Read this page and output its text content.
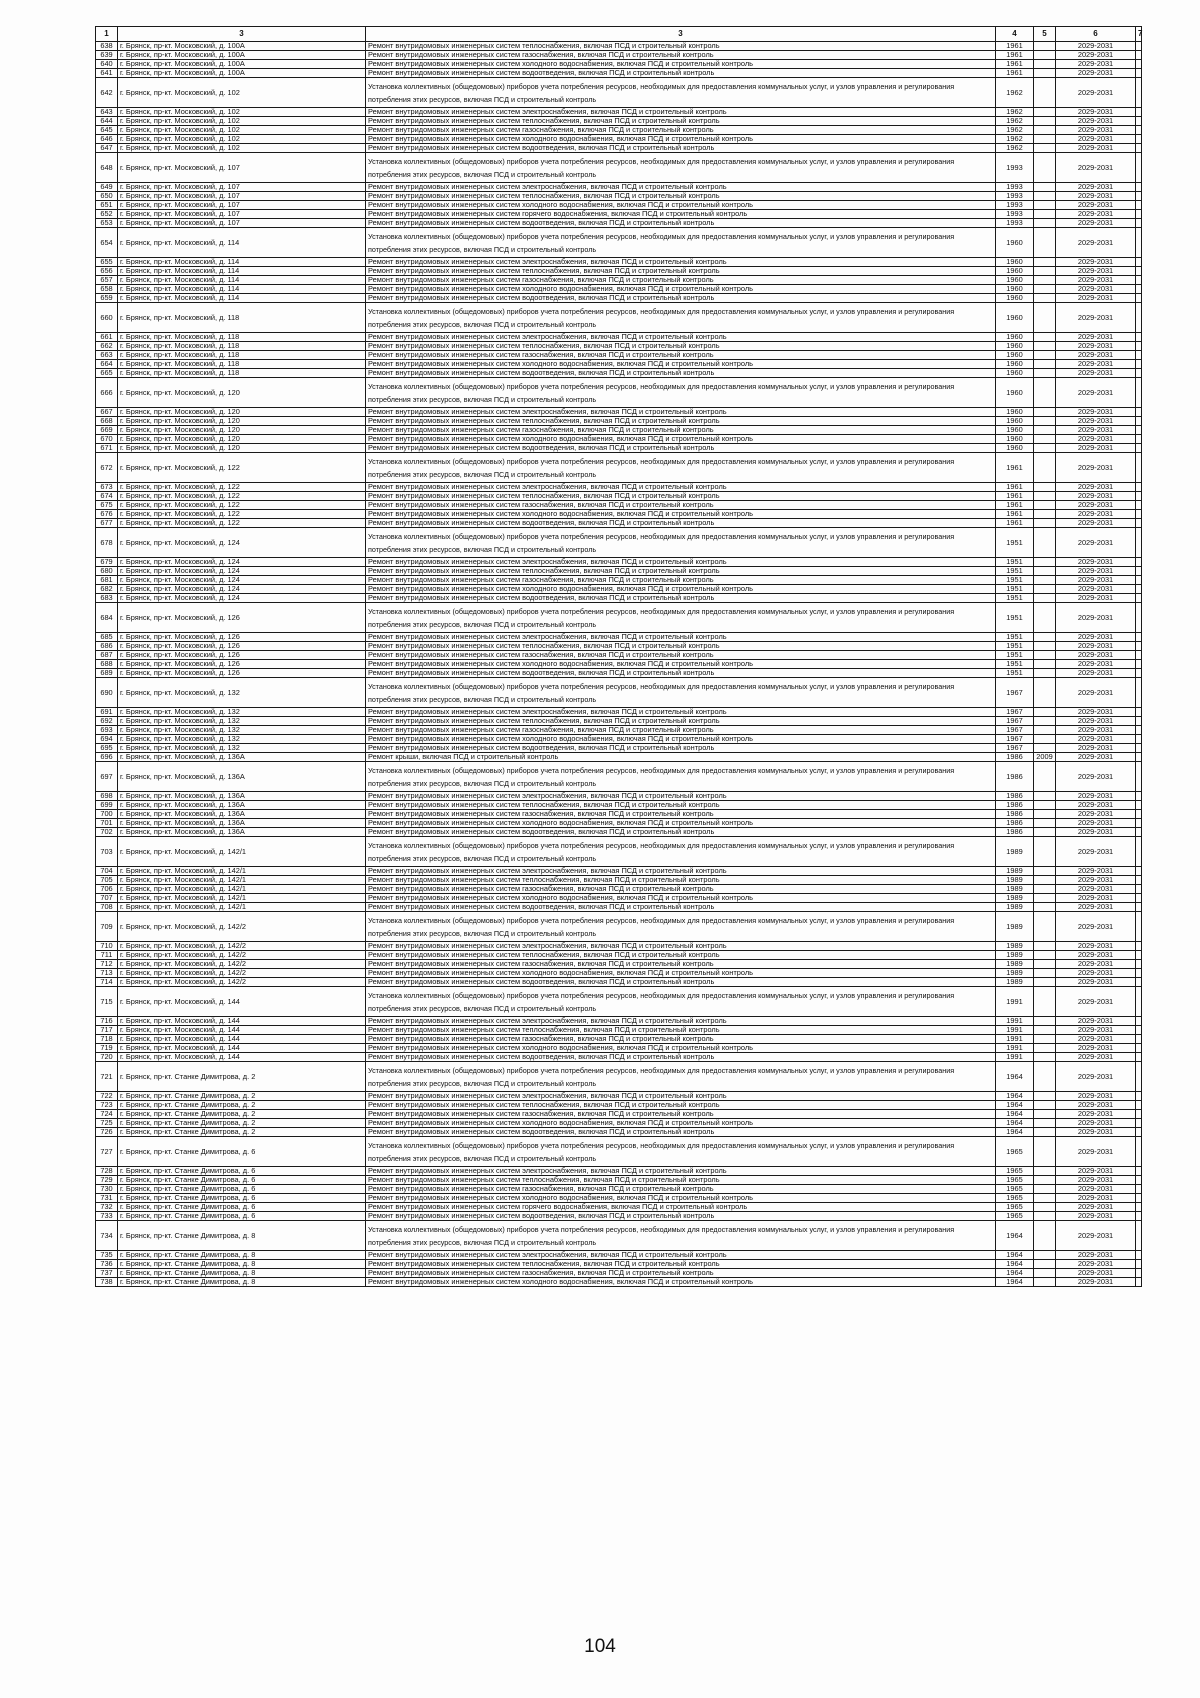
1	3	3	4	5	6	7
638	г. Брянск, пр-кт. Московский, д. 100А	Ремонт внутридомовых инженерных систем теплоснабжения, включая ПСД и строительный контроль	1961		2029-2031	
639	г. Брянск, пр-кт. Московский, д. 100А	Ремонт внутридомовых инженерных систем газоснабжения, включая ПСД и строительный контроль	1961		2029-2031	
640	г. Брянск, пр-кт. Московский, д. 100А	Ремонт внутридомовых инженерных систем холодного водоснабжения, включая ПСД и строительный контроль	1961		2029-2031	
641	г. Брянск, пр-кт. Московский, д. 100А	Ремонт внутридомовых инженерных систем водоотведения, включая ПСД и строительный контроль	1961		2029-2031	
642	г. Брянск, пр-кт. Московский, д. 102	Установка коллективных (общедомовых) приборов учета потребления ресурсов, необходимых для предоставления коммунальных услуг, и узлов управления и регулирования потребления этих ресурсов, включая ПСД и строительный контроль	1962		2029-2031	
643	г. Брянск, пр-кт. Московский, д. 102	Ремонт внутридомовых инженерных систем электроснабжения, включая ПСД и строительный контроль	1962		2029-2031	
644	г. Брянск, пр-кт. Московский, д. 102	Ремонт внутридомовых инженерных систем теплоснабжения, включая ПСД и строительный контроль	1962		2029-2031	
645	г. Брянск, пр-кт. Московский, д. 102	Ремонт внутридомовых инженерных систем газоснабжения, включая ПСД и строительный контроль	1962		2029-2031	
646	г. Брянск, пр-кт. Московский, д. 102	Ремонт внутридомовых инженерных систем холодного водоснабжения, включая ПСД и строительный контроль	1962		2029-2031	
647	г. Брянск, пр-кт. Московский, д. 102	Ремонт внутридомовых инженерных систем водоотведения, включая ПСД и строительный контроль	1962		2029-2031	
648	г. Брянск, пр-кт. Московский, д. 107	Установка коллективных (общедомовых) приборов учета потребления ресурсов, необходимых для предоставления коммунальных услуг, и узлов управления и регулирования потребления этих ресурсов, включая ПСД и строительный контроль	1993		2029-2031	
649	г. Брянск, пр-кт. Московский, д. 107	Ремонт внутридомовых инженерных систем электроснабжения, включая ПСД и строительный контроль	1993		2029-2031	
650	г. Брянск, пр-кт. Московский, д. 107	Ремонт внутридомовых инженерных систем теплоснабжения, включая ПСД и строительный контроль	1993		2029-2031	
651	г. Брянск, пр-кт. Московский, д. 107	Ремонт внутридомовых инженерных систем холодного водоснабжения, включая ПСД и строительный контроль	1993		2029-2031	
652	г. Брянск, пр-кт. Московский, д. 107	Ремонт внутридомовых инженерных систем горячего водоснабжения, включая ПСД и строительный контроль	1993		2029-2031	
653	г. Брянск, пр-кт. Московский, д. 107	Ремонт внутридомовых инженерных систем водоотведения, включая ПСД и строительный контроль	1993		2029-2031	
654	г. Брянск, пр-кт. Московский, д. 114	Установка коллективных (общедомовых) приборов учета потребления ресурсов, необходимых для предоставления коммунальных услуг, и узлов управления и регулирования потребления этих ресурсов, включая ПСД и строительный контроль	1960		2029-2031	
655	г. Брянск, пр-кт. Московский, д. 114	Ремонт внутридомовых инженерных систем электроснабжения, включая ПСД и строительный контроль	1960		2029-2031	
656	г. Брянск, пр-кт. Московский, д. 114	Ремонт внутридомовых инженерных систем теплоснабжения, включая ПСД и строительный контроль	1960		2029-2031	
657	г. Брянск, пр-кт. Московский, д. 114	Ремонт внутридомовых инженерных систем газоснабжения, включая ПСД и строительный контроль	1960		2029-2031	
658	г. Брянск, пр-кт. Московский, д. 114	Ремонт внутридомовых инженерных систем холодного водоснабжения, включая ПСД и строительный контроль	1960		2029-2031	
659	г. Брянск, пр-кт. Московский, д. 114	Ремонт внутридомовых инженерных систем водоотведения, включая ПСД и строительный контроль	1960		2029-2031	
660	г. Брянск, пр-кт. Московский, д. 118	Установка коллективных (общедомовых) приборов учета потребления ресурсов, необходимых для предоставления коммунальных услуг, и узлов управления и регулирования потребления этих ресурсов, включая ПСД и строительный контроль	1960		2029-2031	
661	г. Брянск, пр-кт. Московский, д. 118	Ремонт внутридомовых инженерных систем электроснабжения, включая ПСД и строительный контроль	1960		2029-2031	
662	г. Брянск, пр-кт. Московский, д. 118	Ремонт внутридомовых инженерных систем теплоснабжения, включая ПСД и строительный контроль	1960		2029-2031	
663	г. Брянск, пр-кт. Московский, д. 118	Ремонт внутридомовых инженерных систем газоснабжения, включая ПСД и строительный контроль	1960		2029-2031	
664	г. Брянск, пр-кт. Московский, д. 118	Ремонт внутридомовых инженерных систем холодного водоснабжения, включая ПСД и строительный контроль	1960		2029-2031	
665	г. Брянск, пр-кт. Московский, д. 118	Ремонт внутридомовых инженерных систем водоотведения, включая ПСД и строительный контроль	1960		2029-2031	
666	г. Брянск, пр-кт. Московский, д. 120	Установка коллективных (общедомовых) приборов учета потребления ресурсов, необходимых для предоставления коммунальных услуг, и узлов управления и регулирования потребления этих ресурсов, включая ПСД и строительный контроль	1960		2029-2031	
667	г. Брянск, пр-кт. Московский, д. 120	Ремонт внутридомовых инженерных систем электроснабжения, включая ПСД и строительный контроль	1960		2029-2031	
668	г. Брянск, пр-кт. Московский, д. 120	Ремонт внутридомовых инженерных систем теплоснабжения, включая ПСД и строительный контроль	1960		2029-2031	
669	г. Брянск, пр-кт. Московский, д. 120	Ремонт внутридомовых инженерных систем газоснабжения, включая ПСД и строительный контроль	1960		2029-2031	
670	г. Брянск, пр-кт. Московский, д. 120	Ремонт внутридомовых инженерных систем холодного водоснабжения, включая ПСД и строительный контроль	1960		2029-2031	
671	г. Брянск, пр-кт. Московский, д. 120	Ремонт внутридомовых инженерных систем водоотведения, включая ПСД и строительный контроль	1960		2029-2031	
672	г. Брянск, пр-кт. Московский, д. 122	Установка коллективных (общедомовых) приборов учета потребления ресурсов, необходимых для предоставления коммунальных услуг, и узлов управления и регулирования потребления этих ресурсов, включая ПСД и строительный контроль	1961		2029-2031	
673	г. Брянск, пр-кт. Московский, д. 122	Ремонт внутридомовых инженерных систем электроснабжения, включая ПСД и строительный контроль	1961		2029-2031	
674	г. Брянск, пр-кт. Московский, д. 122	Ремонт внутридомовых инженерных систем теплоснабжения, включая ПСД и строительный контроль	1961		2029-2031	
675	г. Брянск, пр-кт. Московский, д. 122	Ремонт внутридомовых инженерных систем газоснабжения, включая ПСД и строительный контроль	1961		2029-2031	
676	г. Брянск, пр-кт. Московский, д. 122	Ремонт внутридомовых инженерных систем холодного водоснабжения, включая ПСД и строительный контроль	1961		2029-2031	
677	г. Брянск, пр-кт. Московский, д. 122	Ремонт внутридомовых инженерных систем водоотведения, включая ПСД и строительный контроль	1961		2029-2031	
678	г. Брянск, пр-кт. Московский, д. 124	Установка коллективных (общедомовых) приборов учета потребления ресурсов, необходимых для предоставления коммунальных услуг, и узлов управления и регулирования потребления этих ресурсов, включая ПСД и строительный контроль	1951		2029-2031	
679	г. Брянск, пр-кт. Московский, д. 124	Ремонт внутридомовых инженерных систем электроснабжения, включая ПСД и строительный контроль	1951		2029-2031	
680	г. Брянск, пр-кт. Московский, д. 124	Ремонт внутридомовых инженерных систем теплоснабжения, включая ПСД и строительный контроль	1951		2029-2031	
681	г. Брянск, пр-кт. Московский, д. 124	Ремонт внутридомовых инженерных систем газоснабжения, включая ПСД и строительный контроль	1951		2029-2031	
682	г. Брянск, пр-кт. Московский, д. 124	Ремонт внутридомовых инженерных систем холодного водоснабжения, включая ПСД и строительный контроль	1951		2029-2031	
683	г. Брянск, пр-кт. Московский, д. 124	Ремонт внутридомовых инженерных систем водоотведения, включая ПСД и строительный контроль	1951		2029-2031	
684	г. Брянск, пр-кт. Московский, д. 126	Установка коллективных (общедомовых) приборов учета потребления ресурсов, необходимых для предоставления коммунальных услуг, и узлов управления и регулирования потребления этих ресурсов, включая ПСД и строительный контроль	1951		2029-2031	
685	г. Брянск, пр-кт. Московский, д. 126	Ремонт внутридомовых инженерных систем электроснабжения, включая ПСД и строительный контроль	1951		2029-2031	
686	г. Брянск, пр-кт. Московский, д. 126	Ремонт внутридомовых инженерных систем теплоснабжения, включая ПСД и строительный контроль	1951		2029-2031	
687	г. Брянск, пр-кт. Московский, д. 126	Ремонт внутридомовых инженерных систем газоснабжения, включая ПСД и строительный контроль	1951		2029-2031	
688	г. Брянск, пр-кт. Московский, д. 126	Ремонт внутридомовых инженерных систем холодного водоснабжения, включая ПСД и строительный контроль	1951		2029-2031	
689	г. Брянск, пр-кт. Московский, д. 126	Ремонт внутридомовых инженерных систем водоотведения, включая ПСД и строительный контроль	1951		2029-2031	
690	г. Брянск, пр-кт. Московский, д. 132	Установка коллективных (общедомовых) приборов учета потребления ресурсов, необходимых для предоставления коммунальных услуг, и узлов управления и регулирования потребления этих ресурсов, включая ПСД и строительный контроль	1967		2029-2031	
691	г. Брянск, пр-кт. Московский, д. 132	Ремонт внутридомовых инженерных систем электроснабжения, включая ПСД и строительный контроль	1967		2029-2031	
692	г. Брянск, пр-кт. Московский, д. 132	Ремонт внутридомовых инженерных систем теплоснабжения, включая ПСД и строительный контроль	1967		2029-2031	
693	г. Брянск, пр-кт. Московский, д. 132	Ремонт внутридомовых инженерных систем газоснабжения, включая ПСД и строительный контроль	1967		2029-2031	
694	г. Брянск, пр-кт. Московский, д. 132	Ремонт внутридомовых инженерных систем холодного водоснабжения, включая ПСД и строительный контроль	1967		2029-2031	
695	г. Брянск, пр-кт. Московский, д. 132	Ремонт внутридомовых инженерных систем водоотведения, включая ПСД и строительный контроль	1967		2029-2031	
696	г. Брянск, пр-кт. Московский, д. 136А	Ремонт крыши, включая ПСД и строительный контроль	1986	2009	2029-2031	
697	г. Брянск, пр-кт. Московский, д. 136А	Установка коллективных (общедомовых) приборов учета потребления ресурсов, необходимых для предоставления коммунальных услуг, и узлов управления и регулирования потребления этих ресурсов, включая ПСД и строительный контроль	1986		2029-2031	
698	г. Брянск, пр-кт. Московский, д. 136А	Ремонт внутридомовых инженерных систем электроснабжения, включая ПСД и строительный контроль	1986		2029-2031	
699	г. Брянск, пр-кт. Московский, д. 136А	Ремонт внутридомовых инженерных систем теплоснабжения, включая ПСД и строительный контроль	1986		2029-2031	
700	г. Брянск, пр-кт. Московский, д. 136А	Ремонт внутридомовых инженерных систем газоснабжения, включая ПСД и строительный контроль	1986		2029-2031	
701	г. Брянск, пр-кт. Московский, д. 136А	Ремонт внутридомовых инженерных систем холодного водоснабжения, включая ПСД и строительный контроль	1986		2029-2031	
702	г. Брянск, пр-кт. Московский, д. 136А	Ремонт внутридомовых инженерных систем водоотведения, включая ПСД и строительный контроль	1986		2029-2031	
703	г. Брянск, пр-кт. Московский, д. 142/1	Установка коллективных (общедомовых) приборов учета потребления ресурсов, необходимых для предоставления коммунальных услуг, и узлов управления и регулирования потребления этих ресурсов, включая ПСД и строительный контроль	1989		2029-2031	
704	г. Брянск, пр-кт. Московский, д. 142/1	Ремонт внутридомовых инженерных систем электроснабжения, включая ПСД и строительный контроль	1989		2029-2031	
705	г. Брянск, пр-кт. Московский, д. 142/1	Ремонт внутридомовых инженерных систем теплоснабжения, включая ПСД и строительный контроль	1989		2029-2031	
706	г. Брянск, пр-кт. Московский, д. 142/1	Ремонт внутридомовых инженерных систем газоснабжения, включая ПСД и строительный контроль	1989		2029-2031	
707	г. Брянск, пр-кт. Московский, д. 142/1	Ремонт внутридомовых инженерных систем холодного водоснабжения, включая ПСД и строительный контроль	1989		2029-2031	
708	г. Брянск, пр-кт. Московский, д. 142/1	Ремонт внутридомовых инженерных систем водоотведения, включая ПСД и строительный контроль	1989		2029-2031	
709	г. Брянск, пр-кт. Московский, д. 142/2	Установка коллективных (общедомовых) приборов учета потребления ресурсов, необходимых для предоставления коммунальных услуг, и узлов управления и регулирования потребления этих ресурсов, включая ПСД и строительный контроль	1989		2029-2031	
710	г. Брянск, пр-кт. Московский, д. 142/2	Ремонт внутридомовых инженерных систем электроснабжения, включая ПСД и строительный контроль	1989		2029-2031	
711	г. Брянск, пр-кт. Московский, д. 142/2	Ремонт внутридомовых инженерных систем теплоснабжения, включая ПСД и строительный контроль	1989		2029-2031	
712	г. Брянск, пр-кт. Московский, д. 142/2	Ремонт внутридомовых инженерных систем газоснабжения, включая ПСД и строительный контроль	1989		2029-2031	
713	г. Брянск, пр-кт. Московский, д. 142/2	Ремонт внутридомовых инженерных систем холодного водоснабжения, включая ПСД и строительный контроль	1989		2029-2031	
714	г. Брянск, пр-кт. Московский, д. 142/2	Ремонт внутридомовых инженерных систем водоотведения, включая ПСД и строительный контроль	1989		2029-2031	
715	г. Брянск, пр-кт. Московский, д. 144	Установка коллективных (общедомовых) приборов учета потребления ресурсов, необходимых для предоставления коммунальных услуг, и узлов управления и регулирования потребления этих ресурсов, включая ПСД и строительный контроль	1991		2029-2031	
716	г. Брянск, пр-кт. Московский, д. 144	Ремонт внутридомовых инженерных систем электроснабжения, включая ПСД и строительный контроль	1991		2029-2031	
717	г. Брянск, пр-кт. Московский, д. 144	Ремонт внутридомовых инженерных систем теплоснабжения, включая ПСД и строительный контроль	1991		2029-2031	
718	г. Брянск, пр-кт. Московский, д. 144	Ремонт внутридомовых инженерных систем газоснабжения, включая ПСД и строительный контроль	1991		2029-2031	
719	г. Брянск, пр-кт. Московский, д. 144	Ремонт внутридомовых инженерных систем холодного водоснабжения, включая ПСД и строительный контроль	1991		2029-2031	
720	г. Брянск, пр-кт. Московский, д. 144	Ремонт внутридомовых инженерных систем водоотведения, включая ПСД и строительный контроль	1991		2029-2031	
721	г. Брянск, пр-кт. Станке Димитрова, д. 2	Установка коллективных (общедомовых) приборов учета потребления ресурсов, необходимых для предоставления коммунальных услуг, и узлов управления и регулирования потребления этих ресурсов, включая ПСД и строительный контроль	1964		2029-2031	
722	г. Брянск, пр-кт. Станке Димитрова, д. 2	Ремонт внутридомовых инженерных систем электроснабжения, включая ПСД и строительный контроль	1964		2029-2031	
723	г. Брянск, пр-кт. Станке Димитрова, д. 2	Ремонт внутридомовых инженерных систем теплоснабжения, включая ПСД и строительный контроль	1964		2029-2031	
724	г. Брянск, пр-кт. Станке Димитрова, д. 2	Ремонт внутридомовых инженерных систем газоснабжения, включая ПСД и строительный контроль	1964		2029-2031	
725	г. Брянск, пр-кт. Станке Димитрова, д. 2	Ремонт внутридомовых инженерных систем холодного водоснабжения, включая ПСД и строительный контроль	1964		2029-2031	
726	г. Брянск, пр-кт. Станке Димитрова, д. 2	Ремонт внутридомовых инженерных систем водоотведения, включая ПСД и строительный контроль	1964		2029-2031	
727	г. Брянск, пр-кт. Станке Димитрова, д. 6	Установка коллективных (общедомовых) приборов учета потребления ресурсов, необходимых для предоставления коммунальных услуг, и узлов управления и регулирования потребления этих ресурсов, включая ПСД и строительный контроль	1965		2029-2031	
728	г. Брянск, пр-кт. Станке Димитрова, д. 6	Ремонт внутридомовых инженерных систем электроснабжения, включая ПСД и строительный контроль	1965		2029-2031	
729	г. Брянск, пр-кт. Станке Димитрова, д. 6	Ремонт внутридомовых инженерных систем теплоснабжения, включая ПСД и строительный контроль	1965		2029-2031	
730	г. Брянск, пр-кт. Станке Димитрова, д. 6	Ремонт внутридомовых инженерных систем газоснабжения, включая ПСД и строительный контроль	1965		2029-2031	
731	г. Брянск, пр-кт. Станке Димитрова, д. 6	Ремонт внутридомовых инженерных систем холодного водоснабжения, включая ПСД и строительный контроль	1965		2029-2031	
732	г. Брянск, пр-кт. Станке Димитрова, д. 6	Ремонт внутридомовых инженерных систем горячего водоснабжения, включая ПСД и строительный контроль	1965		2029-2031	
733	г. Брянск, пр-кт. Станке Димитрова, д. 6	Ремонт внутридомовых инженерных систем водоотведения, включая ПСД и строительный контроль	1965		2029-2031	
734	г. Брянск, пр-кт. Станке Димитрова, д. 8	Установка коллективных (общедомовых) приборов учета потребления ресурсов, необходимых для предоставления коммунальных услуг, и узлов управления и регулирования потребления этих ресурсов, включая ПСД и строительный контроль	1964		2029-2031	
735	г. Брянск, пр-кт. Станке Димитрова, д. 8	Ремонт внутридомовых инженерных систем электроснабжения, включая ПСД и строительный контроль	1964		2029-2031	
736	г. Брянск, пр-кт. Станке Димитрова, д. 8	Ремонт внутридомовых инженерных систем теплоснабжения, включая ПСД и строительный контроль	1964		2029-2031	
737	г. Брянск, пр-кт. Станке Димитрова, д. 8	Ремонт внутридомовых инженерных систем газоснабжения, включая ПСД и строительный контроль	1964		2029-2031	
738	г. Брянск, пр-кт. Станке Димитрова, д. 8	Ремонт внутридомовых инженерных систем холодного водоснабжения, включая ПСД и строительный контроль	1964		2029-2031	
104
